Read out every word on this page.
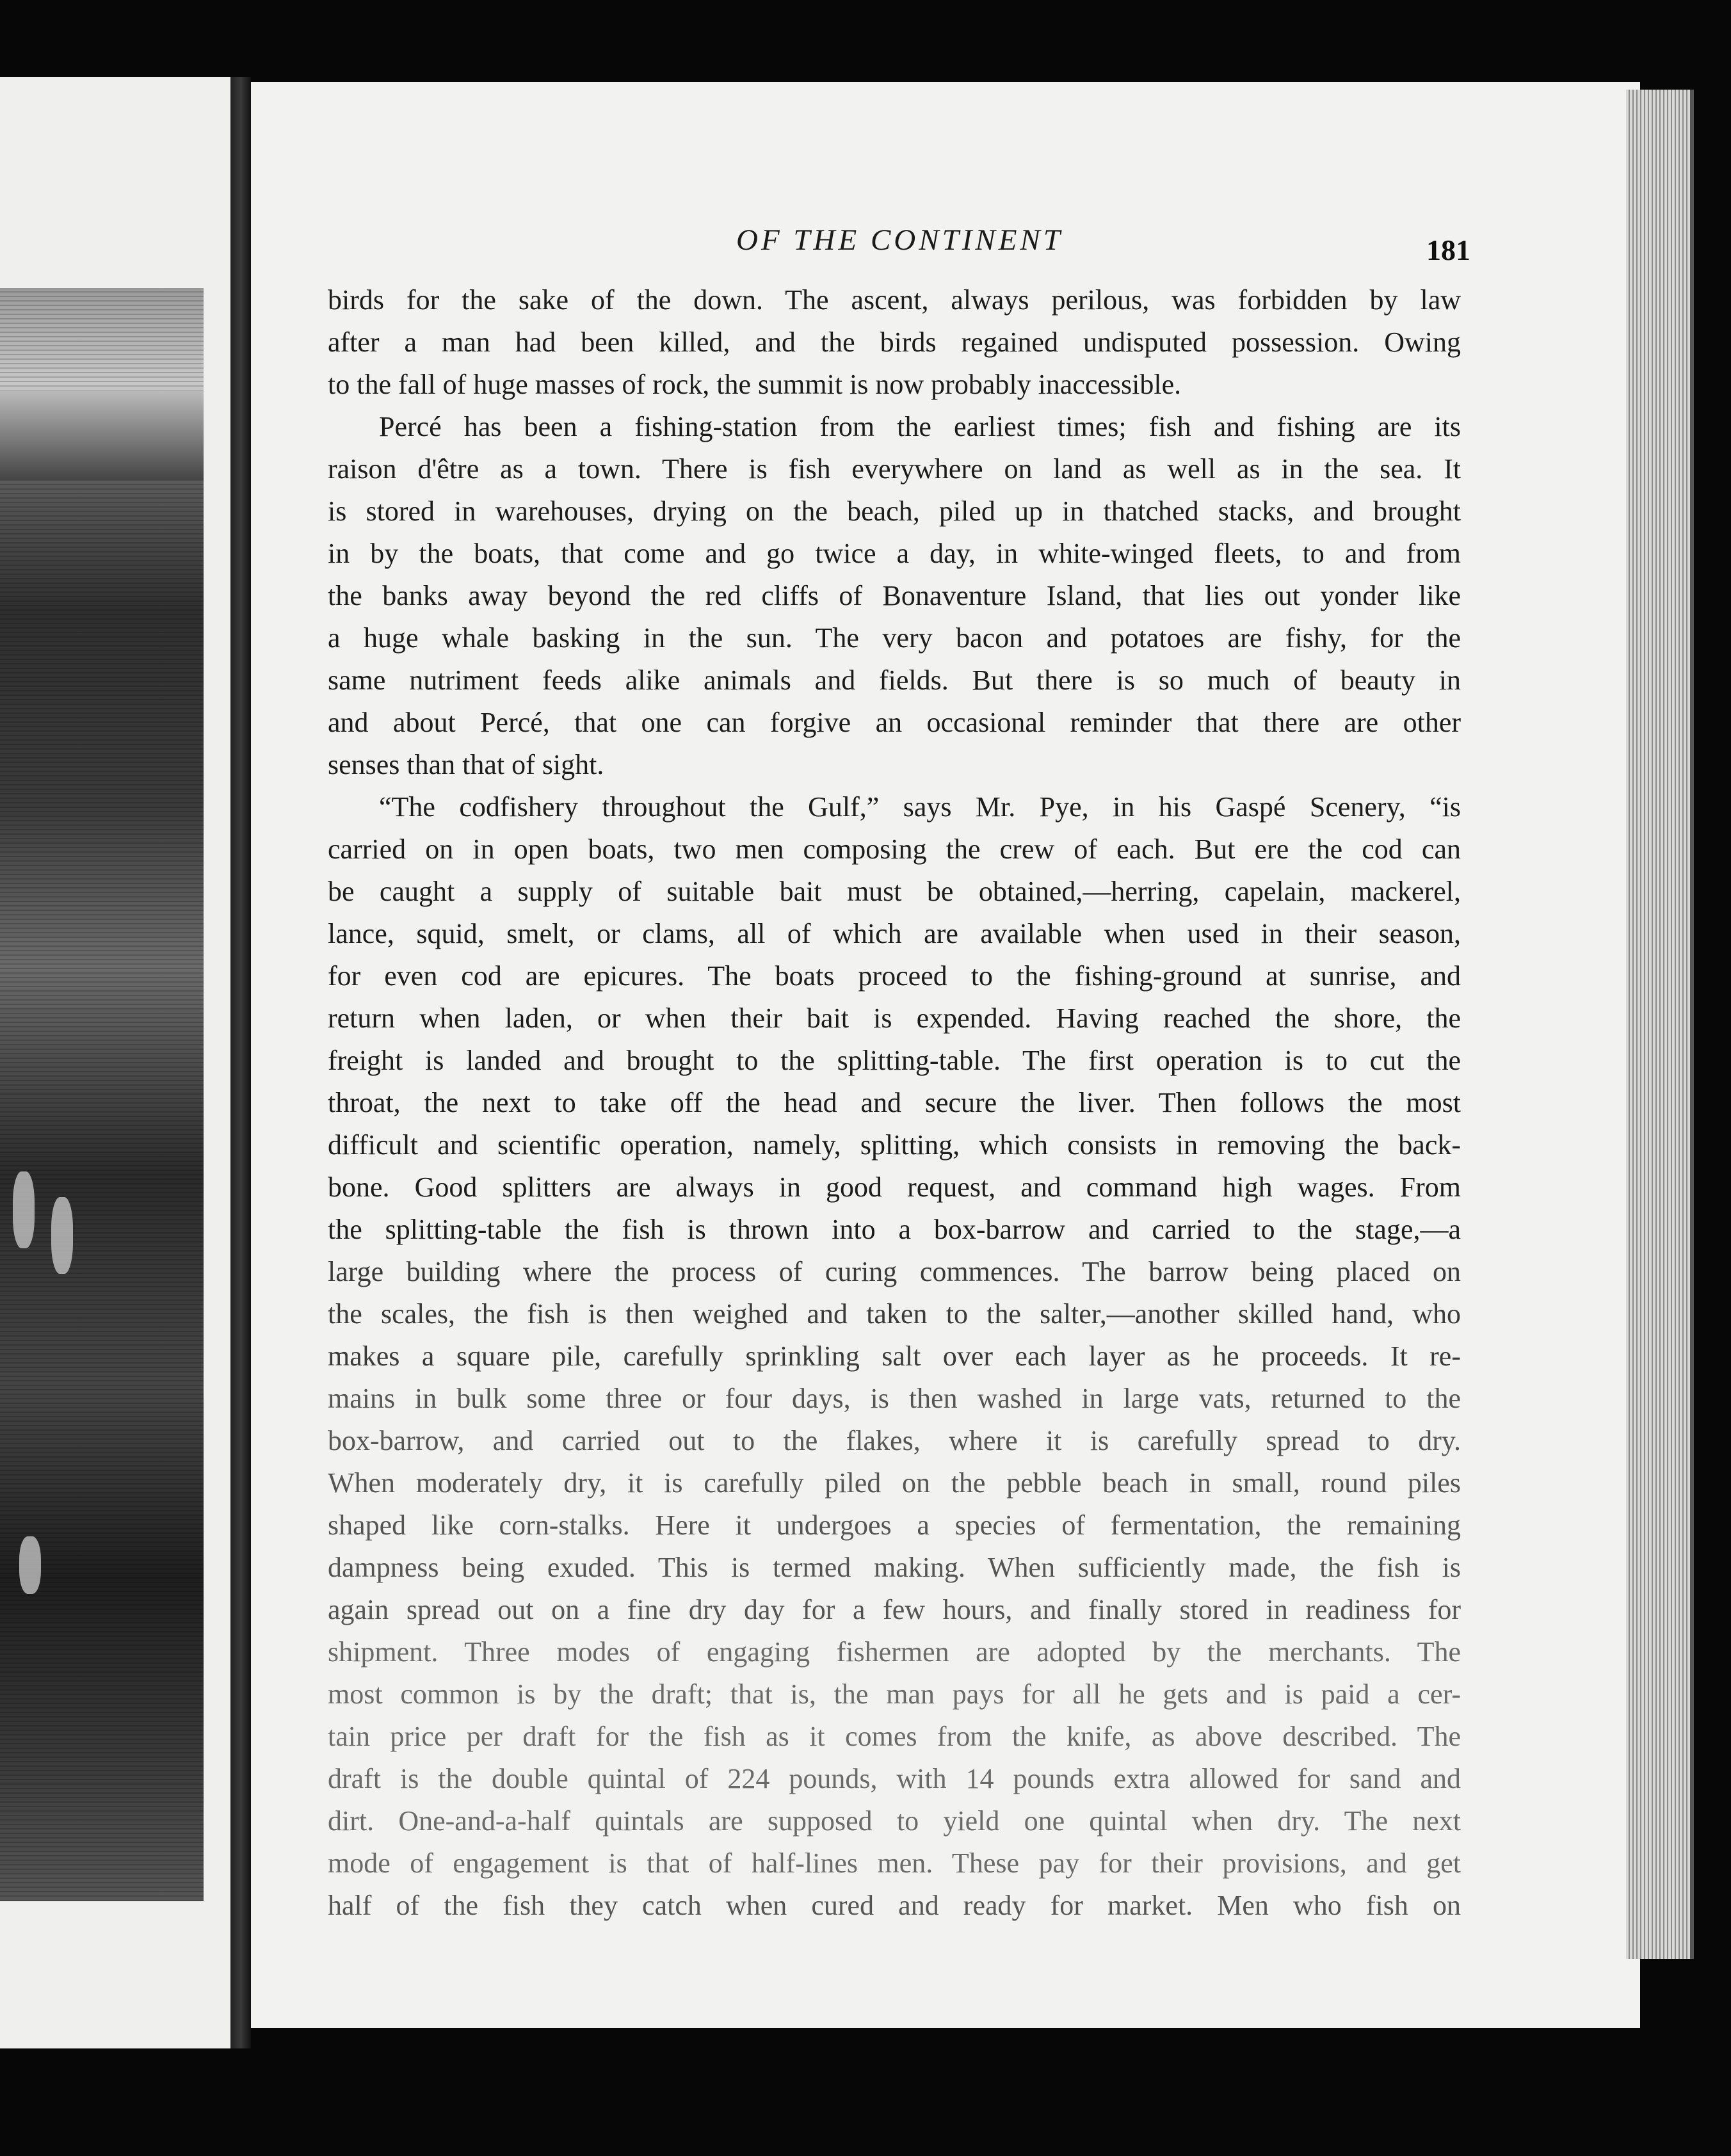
OF THE CONTINENT	181
birds for the sake of the down. The ascent, always perilous, was forbidden by law
after a man had been killed, and the birds regained undisputed possession. Owing
to the fall of huge masses of rock, the summit is now probably inaccessible.
Percé has been a fishing-station from the earliest times; fish and fishing are its
raison d'être as a town. There is fish everywhere on land as well as in the sea. It
is stored in warehouses, drying on the beach, piled up in thatched stacks, and brought
in by the boats, that come and go twice a day, in white-winged fleets, to and from
the banks away beyond the red cliffs of Bonaventure Island, that lies out yonder like
a huge whale basking in the sun. The very bacon and potatoes are fishy, for the
same nutriment feeds alike animals and fields. But there is so much of beauty in
and about Percé, that one can forgive an occasional reminder that there are other
senses than that of sight.
“The codfishery throughout the Gulf,” says Mr. Pye, in his Gaspé Scenery, “is
carried on in open boats, two men composing the crew of each. But ere the cod can
be caught a supply of suitable bait must be obtained,—herring, capelain, mackerel,
lance, squid, smelt, or clams, all of which are available when used in their season,
for even cod are epicures. The boats proceed to the fishing-ground at sunrise, and
return when laden, or when their bait is expended. Having reached the shore, the
freight is landed and brought to the splitting-table. The first operation is to cut the
throat, the next to take off the head and secure the liver. Then follows the most
difficult and scientific operation, namely, splitting, which consists in removing the back-
bone. Good splitters are always in good request, and command high wages. From
the splitting-table the fish is thrown into a box-barrow and carried to the stage,—a
large building where the process of curing commences. The barrow being placed on
the scales, the fish is then weighed and taken to the salter,—another skilled hand, who
makes a square pile, carefully sprinkling salt over each layer as he proceeds. It re-
mains in bulk some three or four days, is then washed in large vats, returned to the
box-barrow, and carried out to the flakes, where it is carefully spread to dry.
When moderately dry, it is carefully piled on the pebble beach in small, round piles
shaped like corn-stalks. Here it undergoes a species of fermentation, the remaining
dampness being exuded. This is termed making. When sufficiently made, the fish is
again spread out on a fine dry day for a few hours, and finally stored in readiness for
shipment. Three modes of engaging fishermen are adopted by the merchants. The
most common is by the draft; that is, the man pays for all he gets and is paid a cer-
tain price per draft for the fish as it comes from the knife, as above described. The
draft is the double quintal of 224 pounds, with 14 pounds extra allowed for sand and
dirt. One-and-a-half quintals are supposed to yield one quintal when dry. The next
mode of engagement is that of half-lines men. These pay for their provisions, and get
half of the fish they catch when cured and ready for market. Men who fish on
